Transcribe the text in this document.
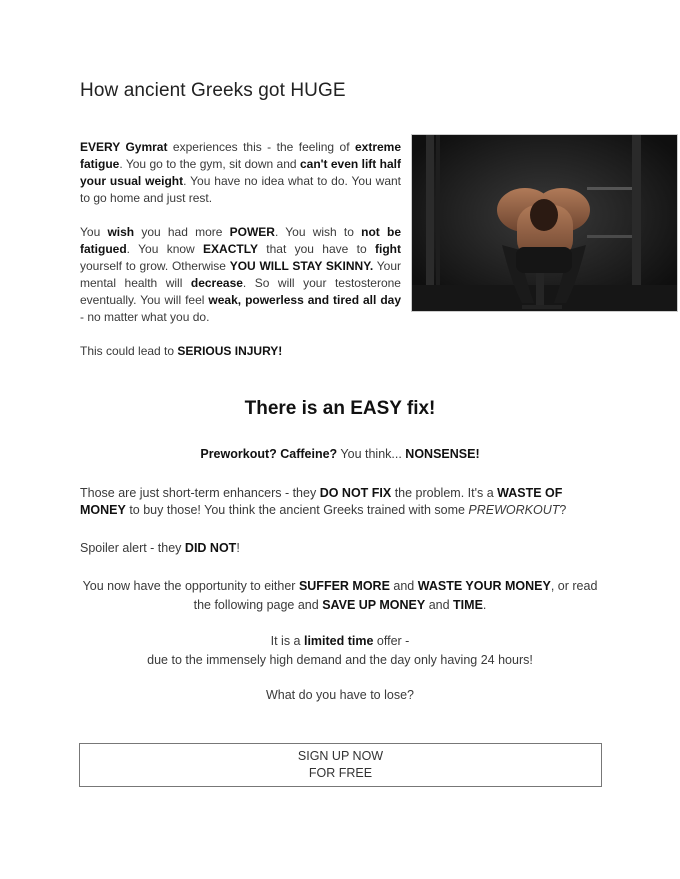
How ancient Greeks got HUGE

EVERY Gymrat experiences this - the feeling of extreme fatigue. You go to the gym, sit down and can't even lift half your usual weight. You have no idea what to do. You want to go home and just rest.

You wish you had more POWER. You wish to not be fatigued. You know EXACTLY that you have to fight yourself to grow. Otherwise YOU WILL STAY SKINNY. Your mental health will decrease. So will your testosterone eventually. You will feel weak, powerless and tired all day - no matter what you do.

This could lead to SERIOUS INJURY!

There is an EASY fix!
Preworkout? Caffeine? You think... NONSENSE!
Those are just short-term enhancers - they DO NOT FIX the problem. It's a WASTE OF MONEY to buy those! You think the ancient Greeks trained with some PREWORKOUT?
Spoiler alert - they DID NOT!
You now have the opportunity to either SUFFER MORE and WASTE YOUR MONEY, or read the following page and SAVE UP MONEY and TIME.
It is a limited time offer -
due to the immensely high demand and the day only having 24 hours!
What do you have to lose?
SIGN UP NOW
FOR FREE
